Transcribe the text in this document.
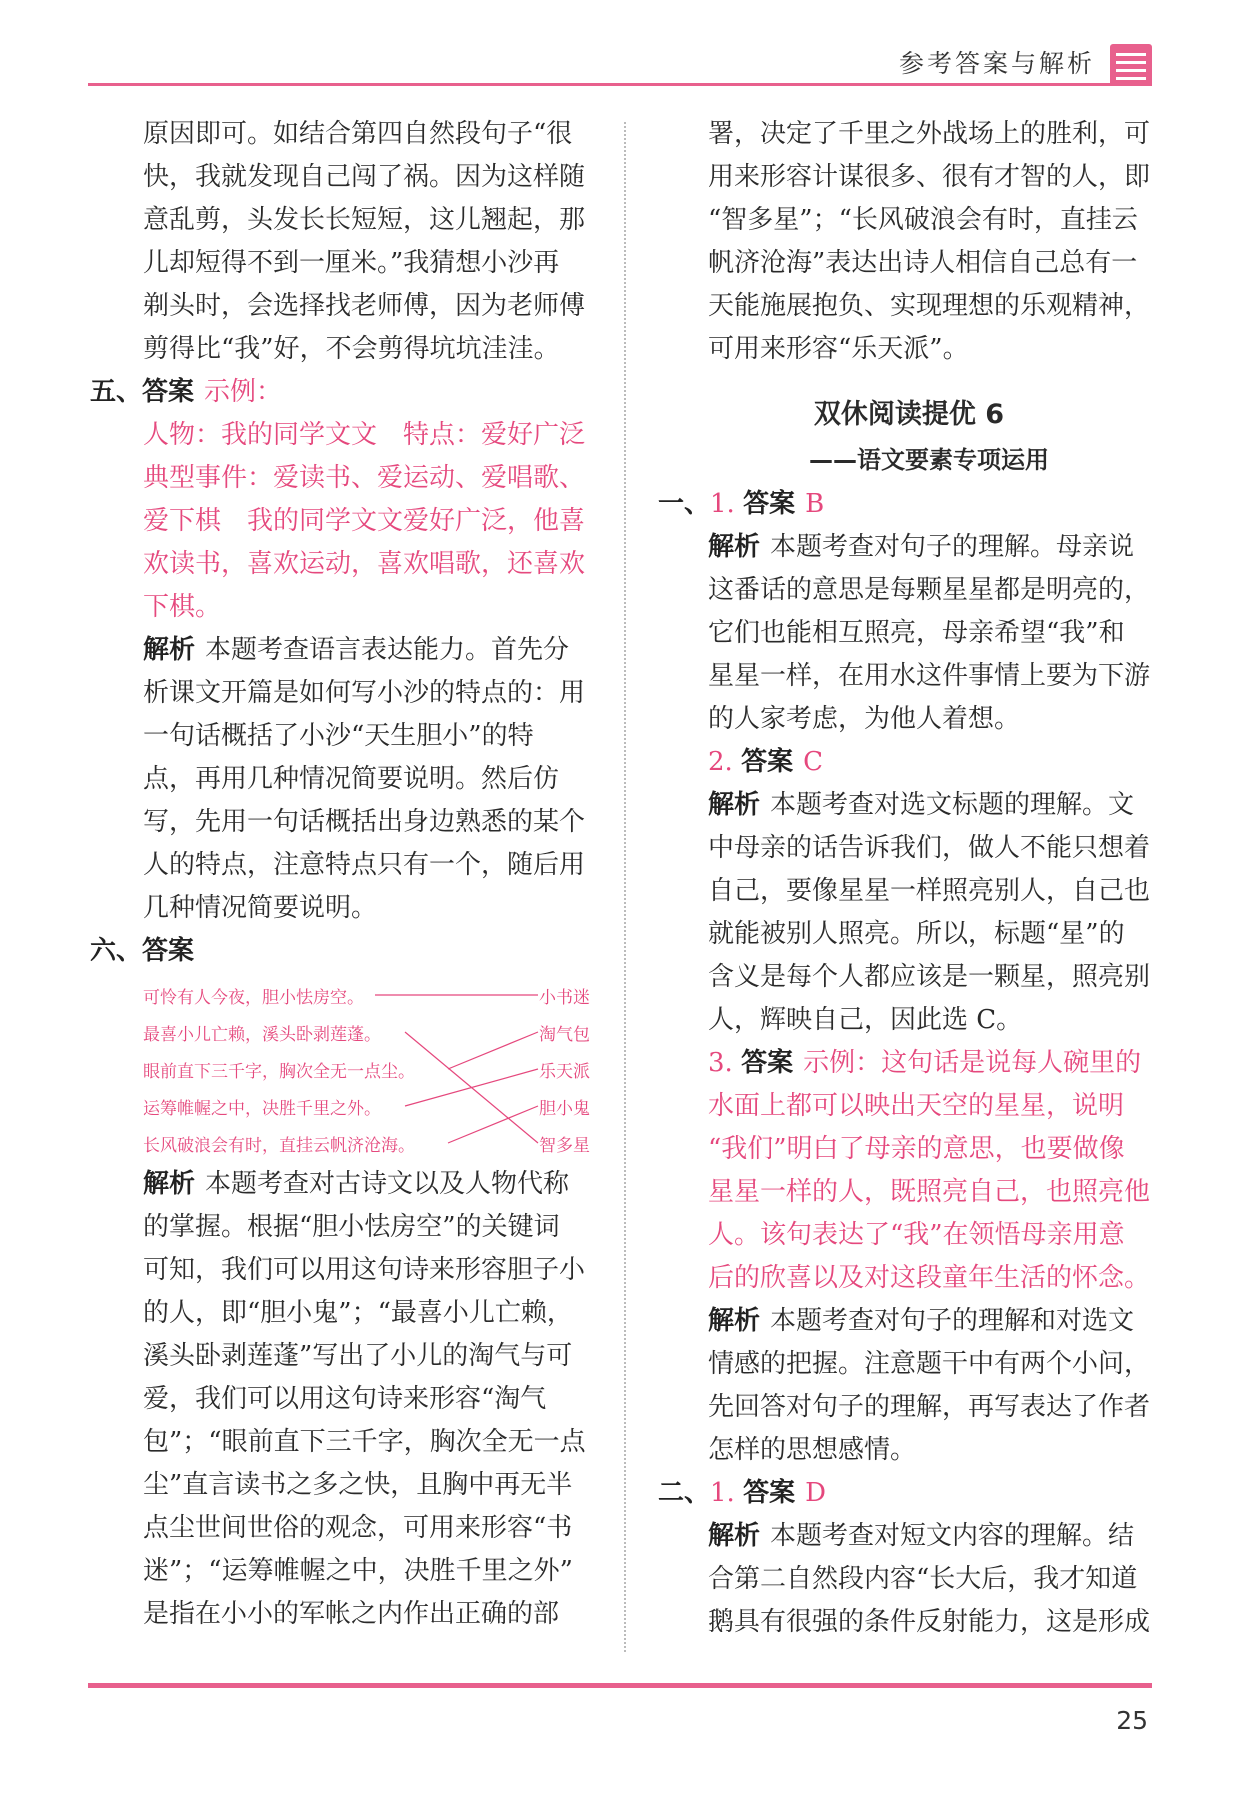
参考答案与解析

原因即可。如结合第四自然段句子“很

快，我就发现自己闯了祸。因为这样随

意乱剪，头发长长短短，这儿翘起，那

儿却短得不到一厘米。”我猜想小沙再

剃头时，会选择找老师傅，因为老师傅

剪得比“我”好，不会剪得坑坑洼洼。

五、答案 示例：

人物：我的同学文文　特点：爱好广泛

典型事件：爱读书、爱运动、爱唱歌、

爱下棋　我的同学文文爱好广泛，他喜

欢读书，喜欢运动，喜欢唱歌，还喜欢

下棋。

解析 本题考查语言表达能力。首先分

析课文开篇是如何写小沙的特点的：用

一句话概括了小沙“天生胆小”的特

点，再用几种情况简要说明。然后仿

写，先用一句话概括出身边熟悉的某个

人的特点，注意特点只有一个，随后用

几种情况简要说明。

六、答案

可怜有人今夜，胆小怯房空。
最喜小儿亡赖，溪头卧剥莲蓬。
眼前直下三千字，胸次全无一点尘。
运筹帷幄之中，决胜千里之外。
长风破浪会有时，直挂云帆济沧海。
小书迷
淘气包
乐天派
胆小鬼
智多星

解析 本题考查对古诗文以及人物代称

的掌握。根据“胆小怯房空”的关键词

可知，我们可以用这句诗来形容胆子小

的人，即“胆小鬼”；“最喜小儿亡赖，

溪头卧剥莲蓬”写出了小儿的淘气与可

爱，我们可以用这句诗来形容“淘气

包”；“眼前直下三千字，胸次全无一点

尘”直言读书之多之快，且胸中再无半

点尘世间世俗的观念，可用来形容“书

迷”；“运筹帷幄之中，决胜千里之外”

是指在小小的军帐之内作出正确的部

署，决定了千里之外战场上的胜利，可

用来形容计谋很多、很有才智的人，即

“智多星”；“长风破浪会有时，直挂云

帆济沧海”表达出诗人相信自己总有一

天能施展抱负、实现理想的乐观精神，

可用来形容“乐天派”。

双休阅读提优 6

——语文要素专项运用

一、1. 答案 B

解析 本题考查对句子的理解。母亲说

这番话的意思是每颗星星都是明亮的，

它们也能相互照亮，母亲希望“我”和

星星一样，在用水这件事情上要为下游

的人家考虑，为他人着想。

2. 答案 C

解析 本题考查对选文标题的理解。文

中母亲的话告诉我们，做人不能只想着

自己，要像星星一样照亮别人，自己也

就能被别人照亮。所以，标题“星”的

含义是每个人都应该是一颗星，照亮别

人，辉映自己，因此选 C。

3. 答案 示例：这句话是说每人碗里的

水面上都可以映出天空的星星，说明

“我们”明白了母亲的意思，也要做像

星星一样的人，既照亮自己，也照亮他

人。该句表达了“我”在领悟母亲用意

后的欣喜以及对这段童年生活的怀念。

解析 本题考查对句子的理解和对选文

情感的把握。注意题干中有两个小问，

先回答对句子的理解，再写表达了作者

怎样的思想感情。

二、1. 答案 D

解析 本题考查对短文内容的理解。结

合第二自然段内容“长大后，我才知道

鹅具有很强的条件反射能力，这是形成

25
